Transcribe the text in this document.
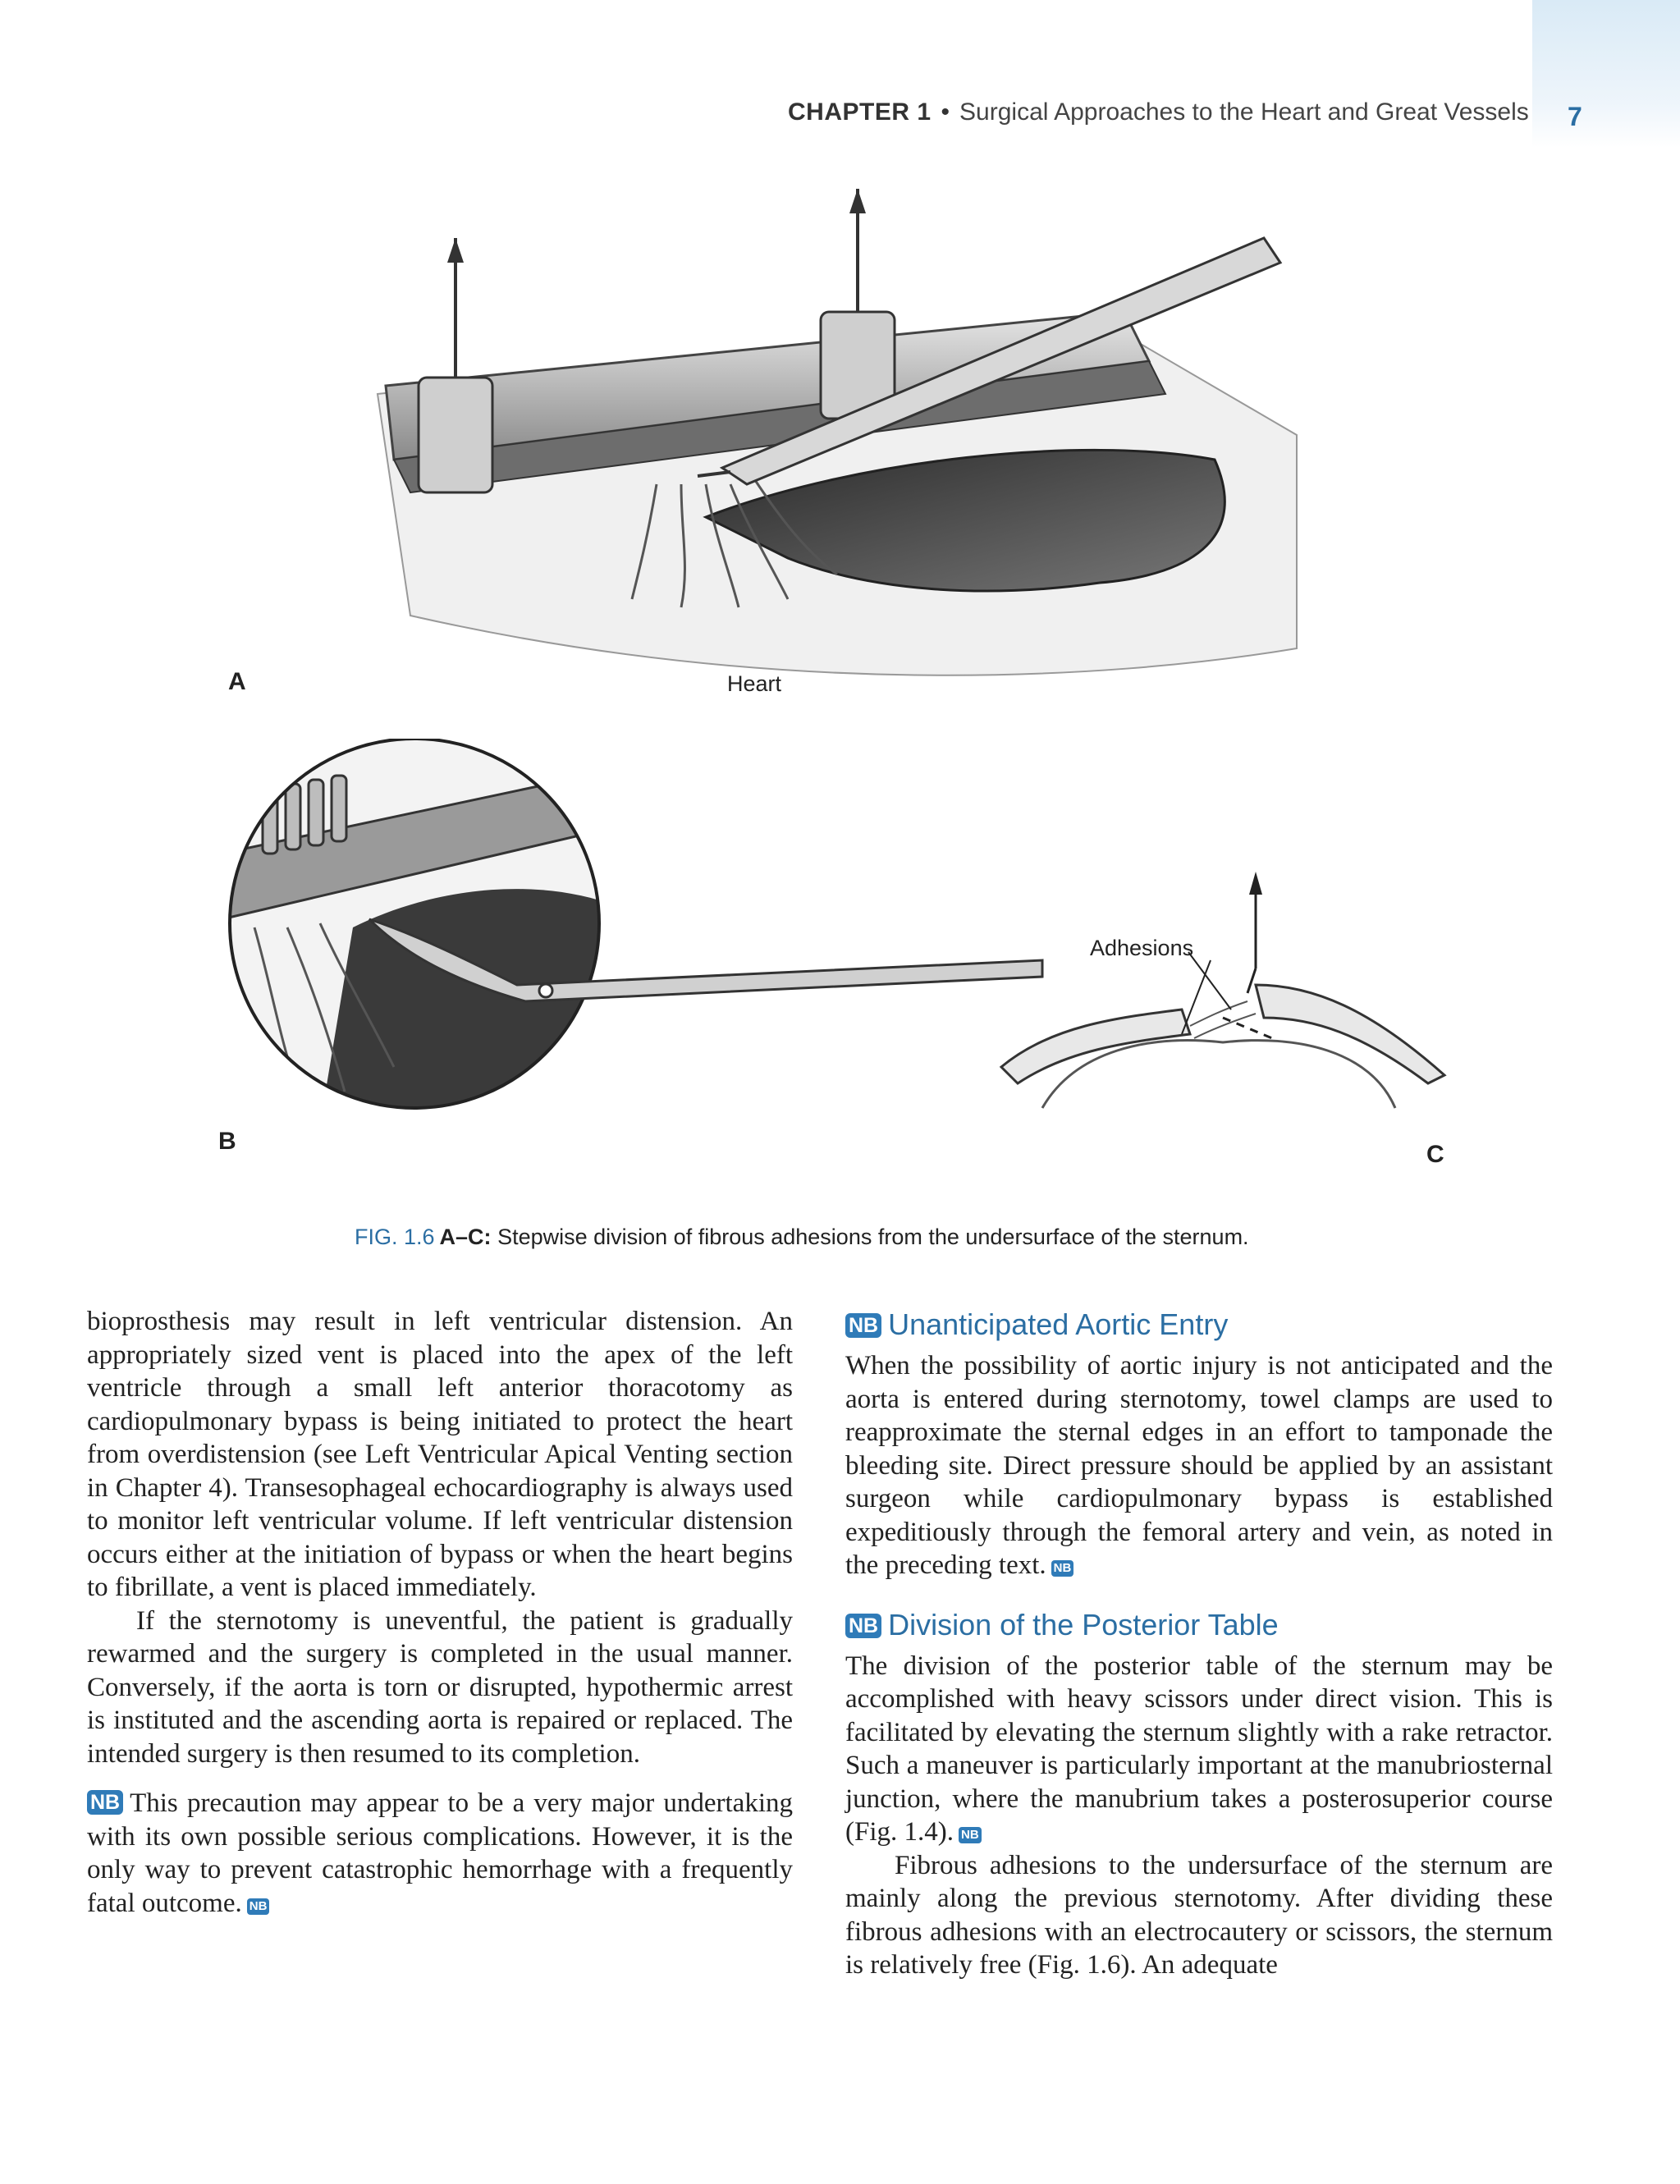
CHAPTER 1 • Surgical Approaches to the Heart and Great Vessels	7
A	Heart
B
Adhesions
C
FIG. 1.6 A–C: Stepwise division of fibrous adhesions from the undersurface of the sternum.

bioprosthesis may result in left ventricular distension. An appropriately sized vent is placed into the apex of the left ventricle through a small left anterior thoracotomy as cardiopulmonary bypass is being initiated to protect the heart from overdistension (see Left Ventricular Apical Venting section in Chapter 4). Transesophageal echocardiography is always used to monitor left ventricular volume. If left ventricular distension occurs either at the initiation of bypass or when the heart begins to fibrillate, a vent is placed immediately.

If the sternotomy is uneventful, the patient is gradually rewarmed and the surgery is completed in the usual manner. Conversely, if the aorta is torn or disrupted, hypothermic arrest is instituted and the ascending aorta is repaired or replaced. The intended surgery is then resumed to its completion.

NB This precaution may appear to be a very major undertaking with its own possible serious complications. However, it is the only way to prevent catastrophic hemorrhage with a frequently fatal outcome. NB

NB Unanticipated Aortic Entry

When the possibility of aortic injury is not anticipated and the aorta is entered during sternotomy, towel clamps are used to reapproximate the sternal edges in an effort to tamponade the bleeding site. Direct pressure should be applied by an assistant surgeon while cardiopulmonary bypass is established expeditiously through the femoral artery and vein, as noted in the preceding text. NB

NB Division of the Posterior Table

The division of the posterior table of the sternum may be accomplished with heavy scissors under direct vision. This is facilitated by elevating the sternum slightly with a rake retractor. Such a maneuver is particularly important at the manubriosternal junction, where the manubrium takes a posterosuperior course (Fig. 1.4). NB

Fibrous adhesions to the undersurface of the sternum are mainly along the previous sternotomy. After dividing these fibrous adhesions with an electrocautery or scissors, the sternum is relatively free (Fig. 1.6). An adequate
